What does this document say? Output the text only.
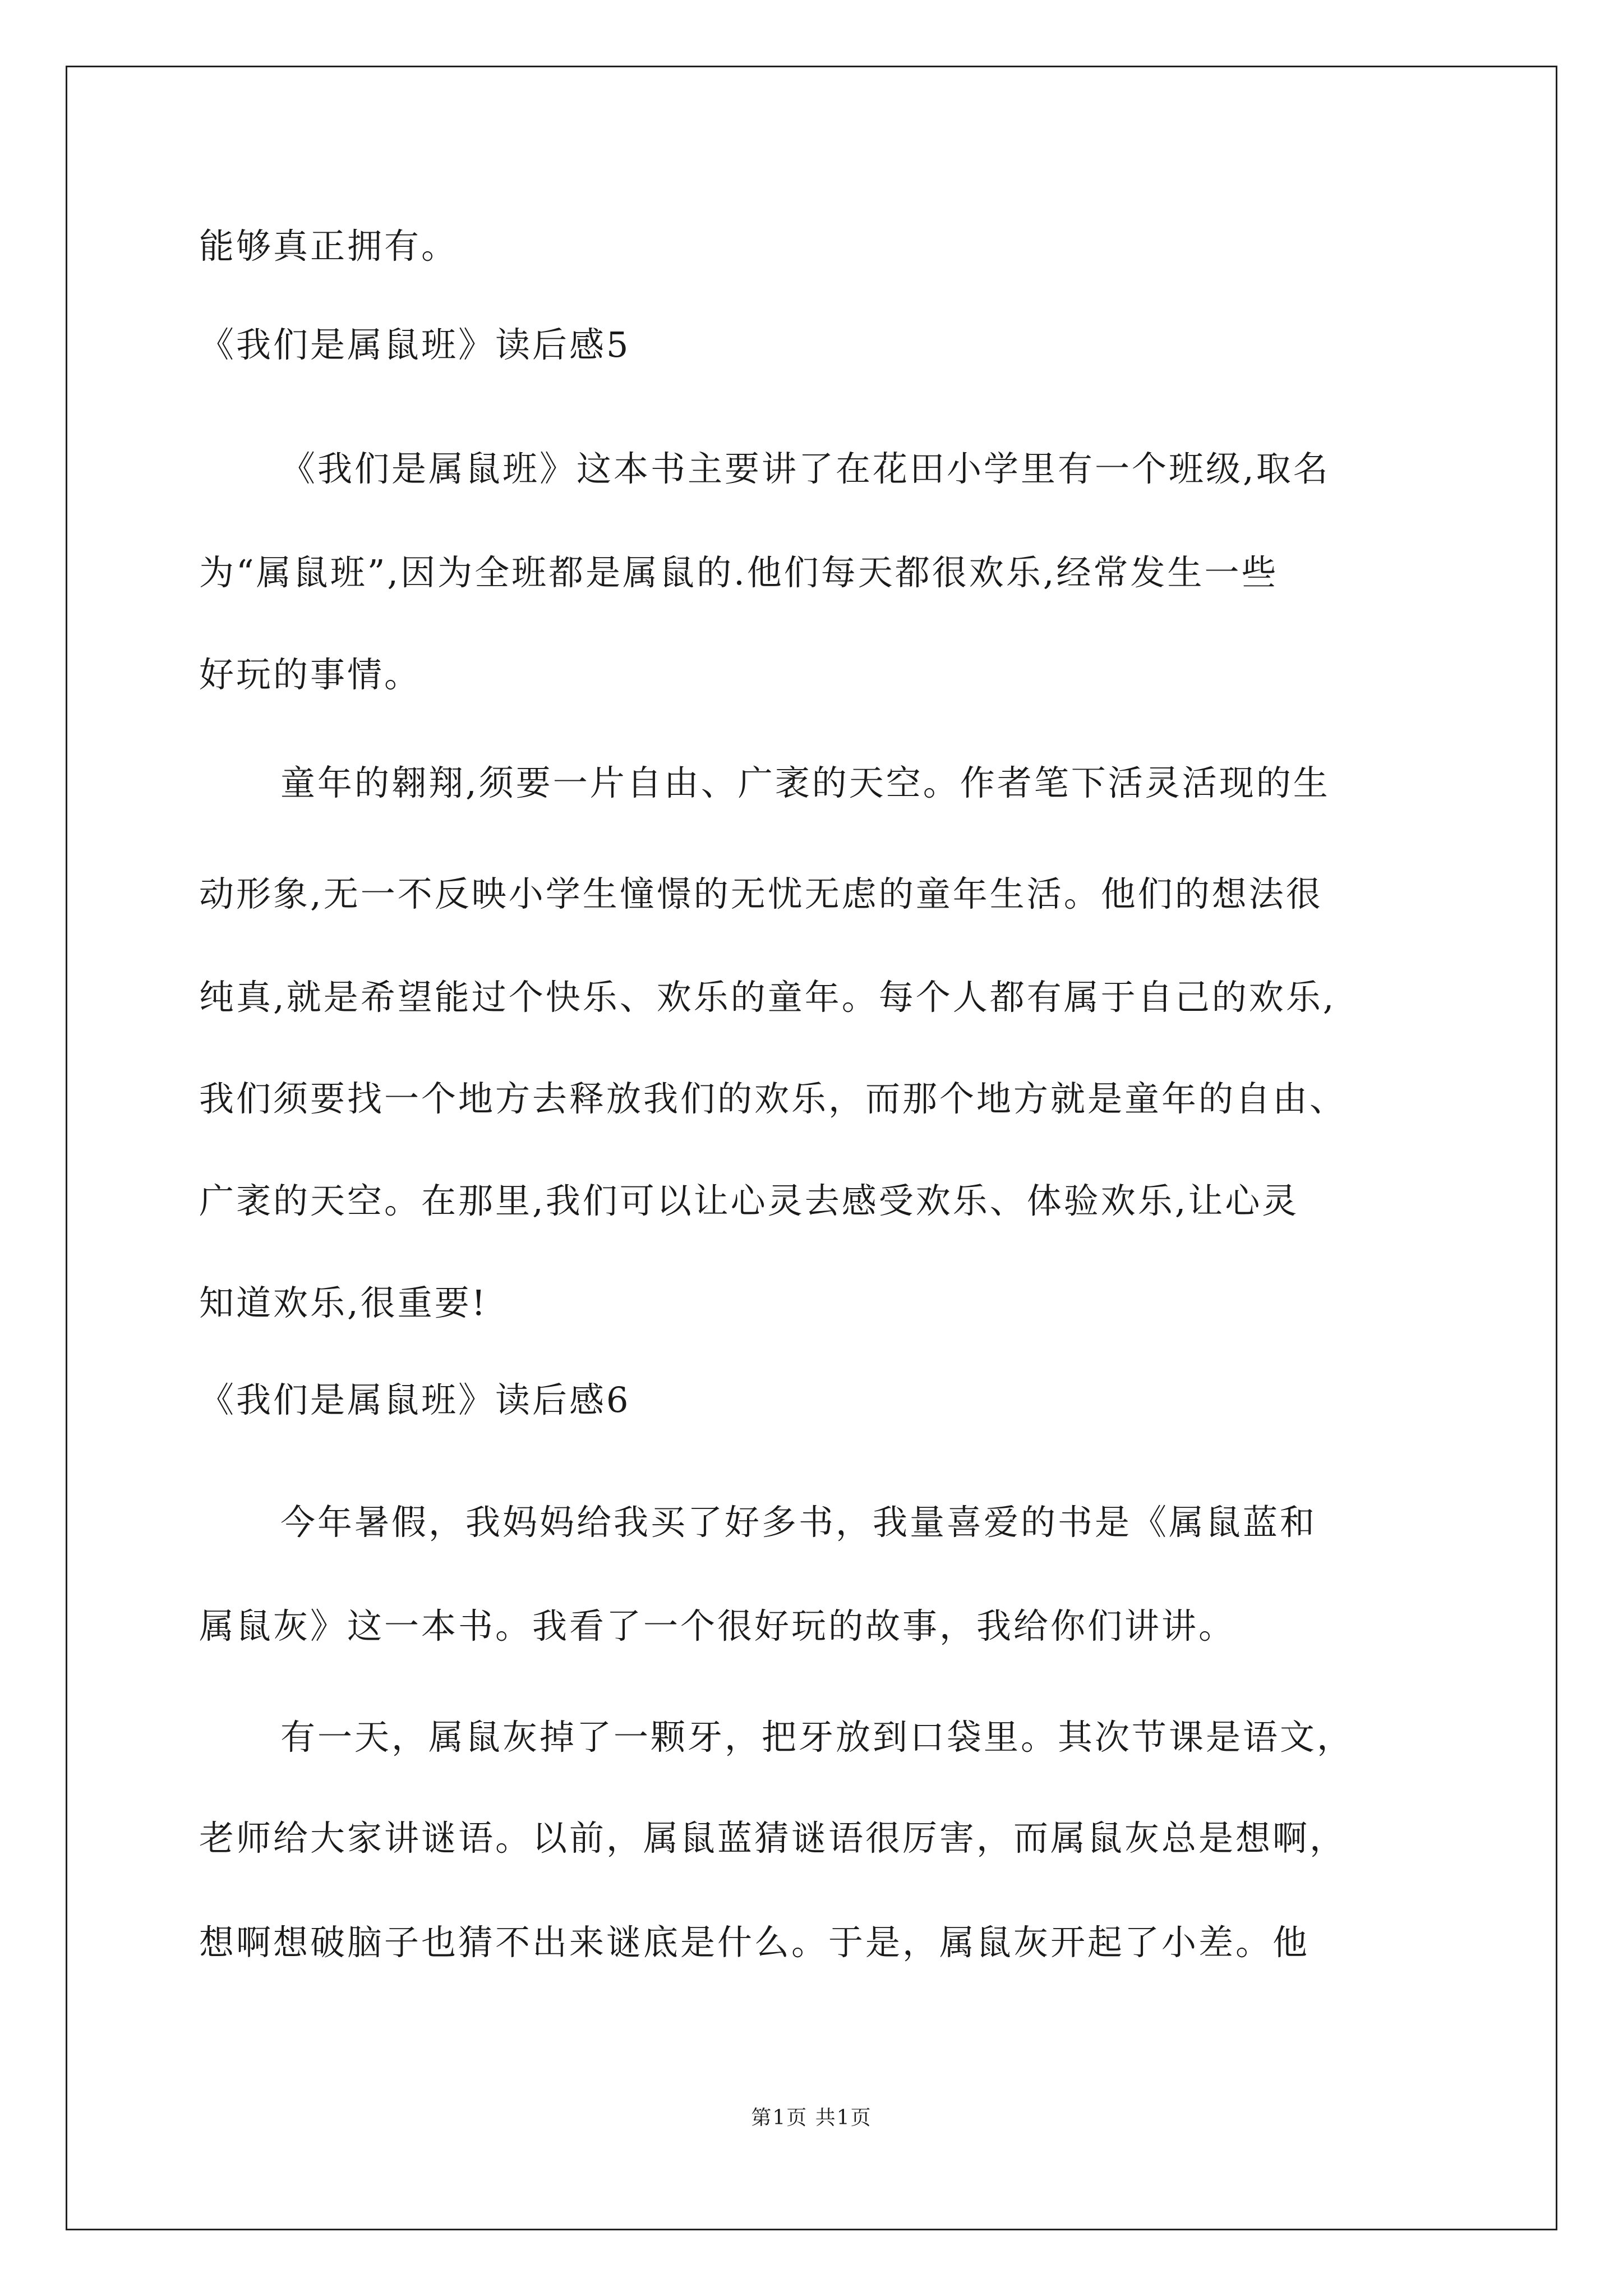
能够真正拥有。
《我们是属鼠班》读后感5
《我们是属鼠班》这本书主要讲了在花田小学里有一个班级,取名
为“属鼠班”,因为全班都是属鼠的.他们每天都很欢乐,经常发生一些
好玩的事情。
童年的翱翔,须要一片自由、广袤的天空。作者笔下活灵活现的生
动形象,无一不反映小学生憧憬的无忧无虑的童年生活。他们的想法很
纯真,就是希望能过个快乐、欢乐的童年。每个人都有属于自己的欢乐,
我们须要找一个地方去释放我们的欢乐，而那个地方就是童年的自由、
广袤的天空。在那里,我们可以让心灵去感受欢乐、体验欢乐,让心灵
知道欢乐,很重要!
《我们是属鼠班》读后感6
今年暑假，我妈妈给我买了好多书，我量喜爱的书是《属鼠蓝和
属鼠灰》这一本书。我看了一个很好玩的故事，我给你们讲讲。
有一天，属鼠灰掉了一颗牙，把牙放到口袋里。其次节课是语文，
老师给大家讲谜语。以前，属鼠蓝猜谜语很厉害，而属鼠灰总是想啊，
想啊想破脑子也猜不出来谜底是什么。于是，属鼠灰开起了小差。他
第1页 共1页
